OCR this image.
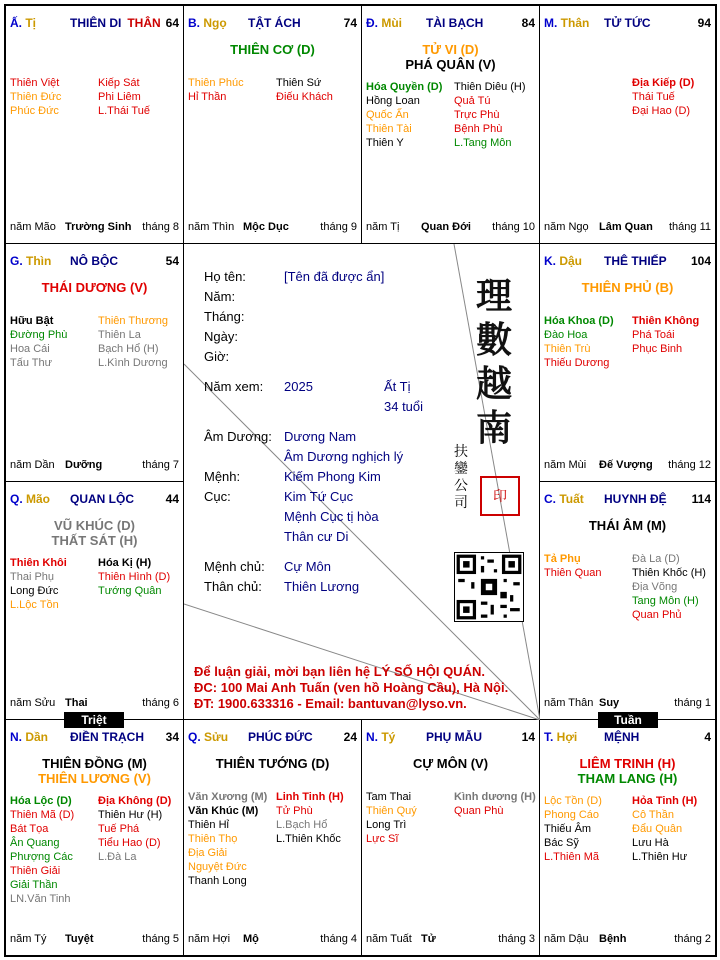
Ấ. Tị	THIÊN DI THÂN 64
Thiên Việt
Thiên Đức
Phúc Đức
Kiếp Sát
Phi Liêm
L.Thái Tuế
năm Mão Trường Sinh tháng 8
B. Ngọ TẬT ÁCH	74
THIÊN CƠ (D)
Thiên Phúc
Hỉ Thần
Thiên Sứ
Điếu Khách
năm Thìn Mộc Dục	tháng 9
Đ. Mùi TÀI BẠCH	84
TỬ VI (D)
PHÁ QUÂN (V)
Hóa Quyền (D)
Hồng Loan
Quốc Ấn
Thiên Tài
Thiên Y
Thiên Diêu (H)
Quả Tú
Trực Phù
Bệnh Phù
L.Tang Môn
năm Tị Quan Đới tháng 10
M. Thân TỬ TỨC	94
Địa Kiếp (D)
Thái Tuế
Đại Hao (D)
năm Ngọ Lâm Quan tháng 11
G. Thìn NÔ BỘC	54
THÁI DƯƠNG (V)
Hữu Bật
Đường Phù
Hoa Cái
Tấu Thư
Thiên Thương
Thiên La
Bạch Hổ (H)
L.Kình Dương
năm Dần Dưỡng	tháng 7
K. Dậu THÊ THIẾP 104
THIÊN PHỦ (B)
Hóa Khoa (D)
Đào Hoa
Thiên Trù
Thiếu Dương
Thiên Không
Phá Toái
Phục Binh
năm Mùi Đế Vượng tháng 12
Q. Mão QUAN LỘC	44
VŨ KHÚC (D)
THẤT SÁT (H)
Thiên Khôi
Thai Phụ
Long Đức
L.Lộc Tồn
Hóa Kị (H)
Thiên Hình (D)
Tướng Quân
năm Sửu Thai	tháng 6
C. Tuất HUYNH ĐỆ 114
THÁI ÂM (M)
Tả Phụ
Thiên Quan
Đà La (D)
Thiên Khốc (H)
Địa Võng
Tang Môn (H)
Quan Phủ
năm Thân Suy	tháng 1
N. Dần ĐIỀN TRẠCH 34
THIÊN ĐỒNG (M)
THIÊN LƯƠNG (V)
Hóa Lộc (D)
Thiên Mã (D)
Bát Tọa
Ân Quang
Phượng Các
Thiên Giải
Giải Thần
LN.Văn Tinh
Địa Không (D)
Thiên Hư (H)
Tuế Phá
Tiểu Hao (D)
L.Đà La
năm Tý Tuyệt	tháng 5
Q. Sửu PHÚC ĐỨC	24
THIÊN TƯỚNG (D)
Văn Xương (M)
Văn Khúc (M)
Thiên Hỉ
Thiên Thọ
Địa Giải
Nguyệt Đức
Thanh Long
Linh Tinh (H)
Tử Phù
L.Bạch Hổ
L.Thiên Khốc
năm Hợi Mộ	tháng 4
N. Tý	PHỤ MẪU	14
CỰ MÔN (V)
Tam Thai
Thiên Quý
Long Trì
Lực Sĩ
Kình dương (H)
Quan Phù
năm Tuất Tử	tháng 3
T. Hợi MỆNH	4
LIÊM TRINH (H)
THAM LANG (H)
Lộc Tồn (D)
Phong Cáo
Thiếu Âm
Bác Sỹ
L.Thiên Mã
Hỏa Tinh (H)
Cô Thần
Đẩu Quân
Lưu Hà
L.Thiên Hư
năm Dậu Bệnh	tháng 2
Họ tên:	[Tên đã được ẩn]
Năm:
Tháng:
Ngày:
Giờ:
Năm xem: 2025	Ất Tị
34 tuổi
Âm Dương: Dương Nam
Âm Dương nghịch lý
Mệnh:	Kiếm Phong Kim
Cục:	Kim Tứ Cục
Mệnh Cục tị hòa
Thân cư Di
Mệnh chủ: Cự Môn
Thân chủ: Thiên Lương
理
數
越
南
扶
鑾
公
司	印
Để luận giải, mời bạn liên hệ LÝ SỐ HỘI QUÁN.
ĐC: 100 Mai Anh Tuấn (ven hồ Hoàng Cầu), Hà Nội.
ĐT: 1900.633316 - Email: bantuvan@lyso.vn.
Triệt	Tuần
